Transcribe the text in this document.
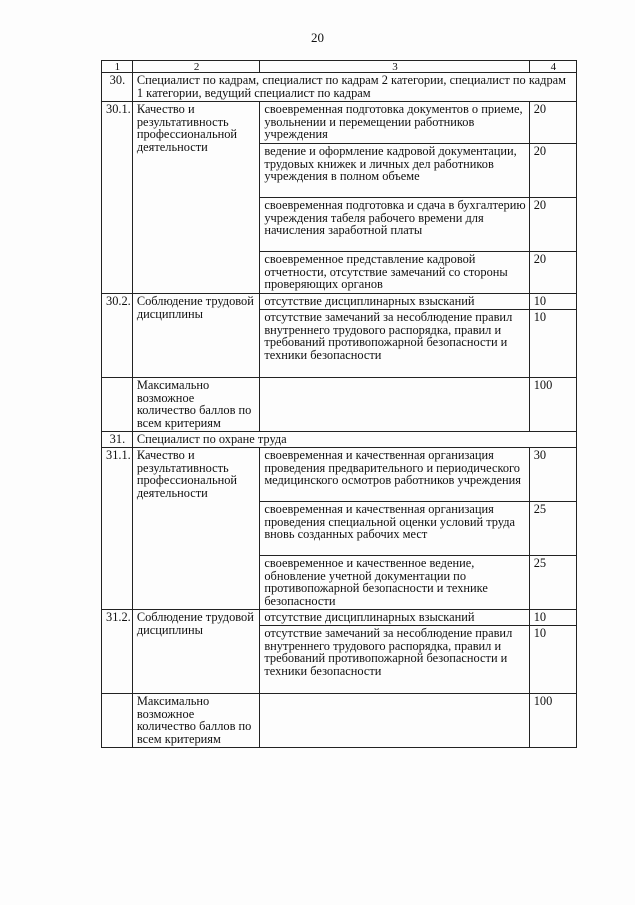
20
1	2	3	4
30.	Специалист по кадрам, специалист по кадрам 2 категории, специалист по кадрам 1 категории, ведущий специалист по кадрам		
30.1.	Качество и результативность профессиональной деятельности	своевременная подготовка документов о приеме, увольнении и перемещении работников учреждения	20
		ведение и оформление кадровой документации, трудовых книжек и личных дел работников учреждения в полном объеме	20
		своевременная подготовка и сдача в бухгалтерию учреждения табеля рабочего времени для начисления заработной платы	20
		своевременное представление кадровой отчетности, отсутствие замечаний со стороны проверяющих органов	20
30.2.	Соблюдение трудовой дисциплины	отсутствие дисциплинарных взысканий	10
		отсутствие замечаний за несоблюдение правил внутреннего трудового распорядка, правил и требований противопожарной безопасности и техники безопасности	10
	Максимально возможное количество баллов по всем критериям		100
31.	Специалист по охране труда		
31.1.	Качество и результативность профессиональной деятельности	своевременная и качественная организация проведения предварительного и периодического медицинского осмотров работников учреждения	30
		своевременная и качественная организация проведения специальной оценки условий труда вновь созданных рабочих мест	25
		своевременное и качественное ведение, обновление учетной документации по противопожарной безопасности и технике безопасности	25
31.2.	Соблюдение трудовой дисциплины	отсутствие дисциплинарных взысканий	10
		отсутствие замечаний за несоблюдение правил внутреннего трудового распорядка, правил и требований противопожарной безопасности и техники безопасности	10
	Максимально возможное количество баллов по всем критериям		100
